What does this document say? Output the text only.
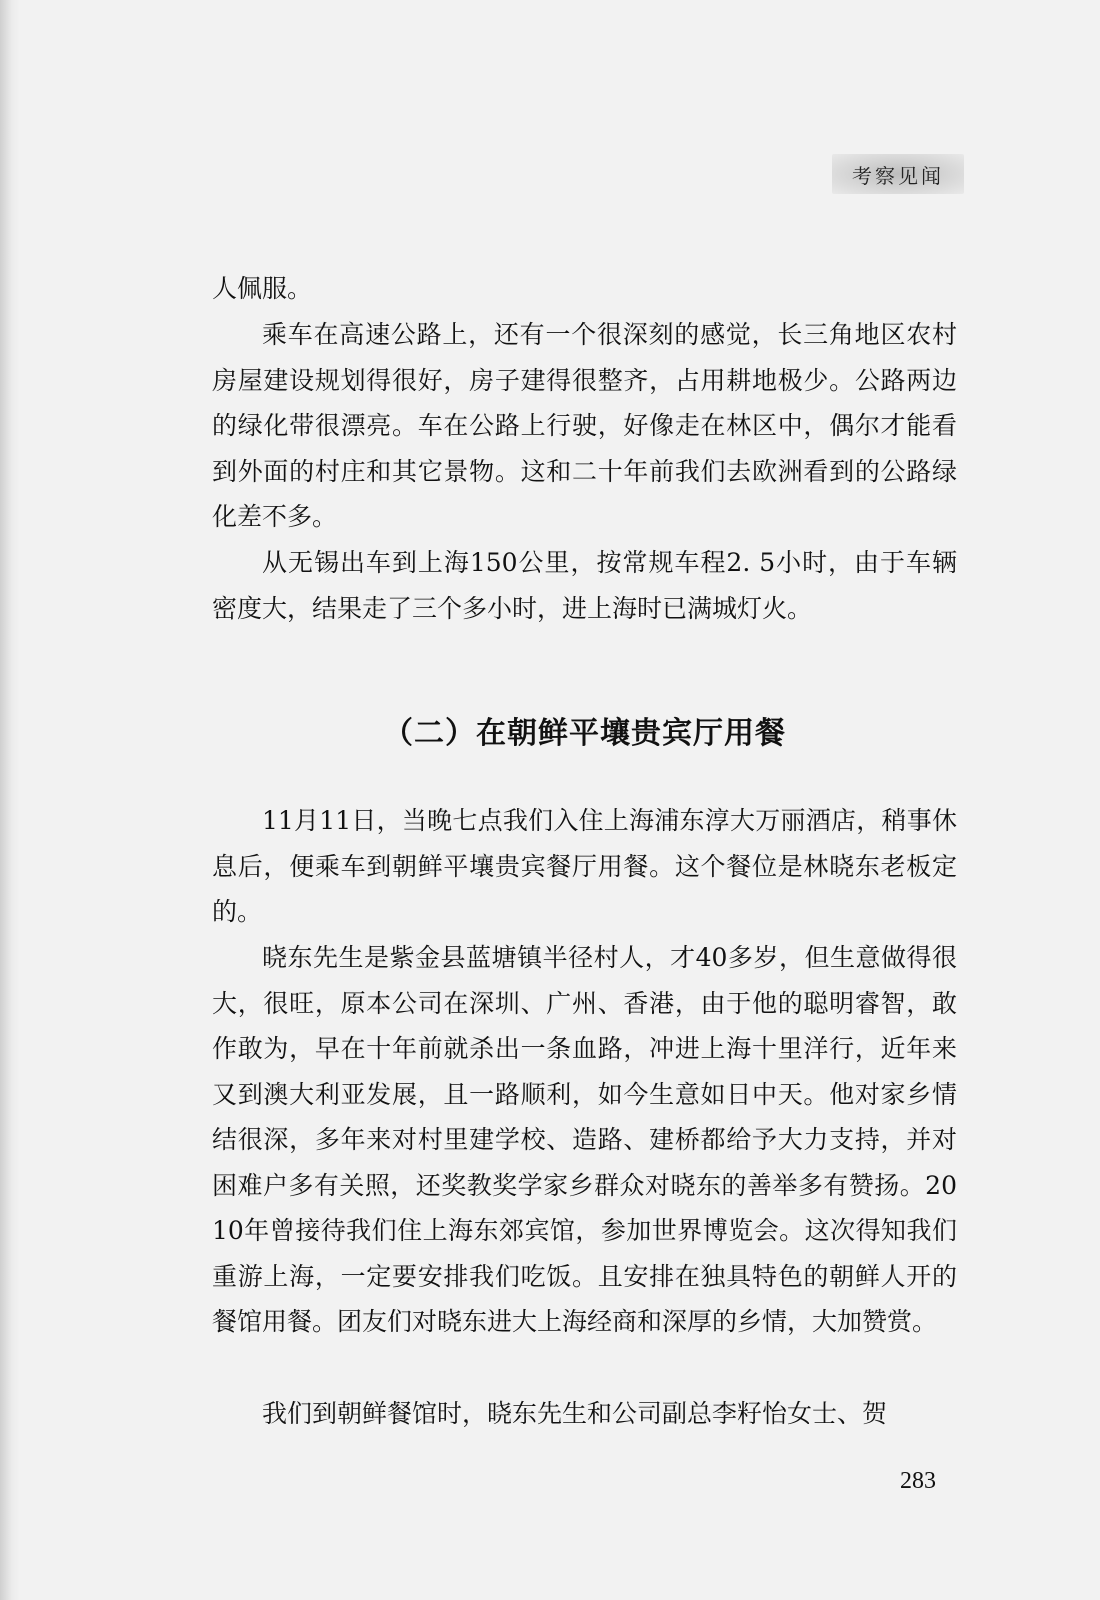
考察见闻

人佩服。

乘车在高速公路上，还有一个很深刻的感觉，长三角地区农村房屋建设规划得很好，房子建得很整齐，占用耕地极少。公路两边的绿化带很漂亮。车在公路上行驶，好像走在林区中，偶尔才能看到外面的村庄和其它景物。这和二十年前我们去欧洲看到的公路绿化差不多。

从无锡出车到上海150公里，按常规车程2. 5小时，由于车辆密度大，结果走了三个多小时，进上海时已满城灯火。

（二）在朝鲜平壤贵宾厅用餐

11月11日，当晚七点我们入住上海浦东淳大万丽酒店，稍事休息后，便乘车到朝鲜平壤贵宾餐厅用餐。这个餐位是林晓东老板定的。

晓东先生是紫金县蓝塘镇半径村人，才40多岁，但生意做得很大，很旺，原本公司在深圳、广州、香港，由于他的聪明睿智，敢作敢为，早在十年前就杀出一条血路，冲进上海十里洋行，近年来又到澳大利亚发展，且一路顺利，如今生意如日中天。他对家乡情结很深，多年来对村里建学校、造路、建桥都给予大力支持，并对困难户多有关照，还奖教奖学家乡群众对晓东的善举多有赞扬。2010年曾接待我们住上海东郊宾馆，参加世界博览会。这次得知我们重游上海，一定要安排我们吃饭。且安排在独具特色的朝鲜人开的餐馆用餐。团友们对晓东进大上海经商和深厚的乡情，大加赞赏。

我们到朝鲜餐馆时，晓东先生和公司副总李籽怡女士、贺

283
